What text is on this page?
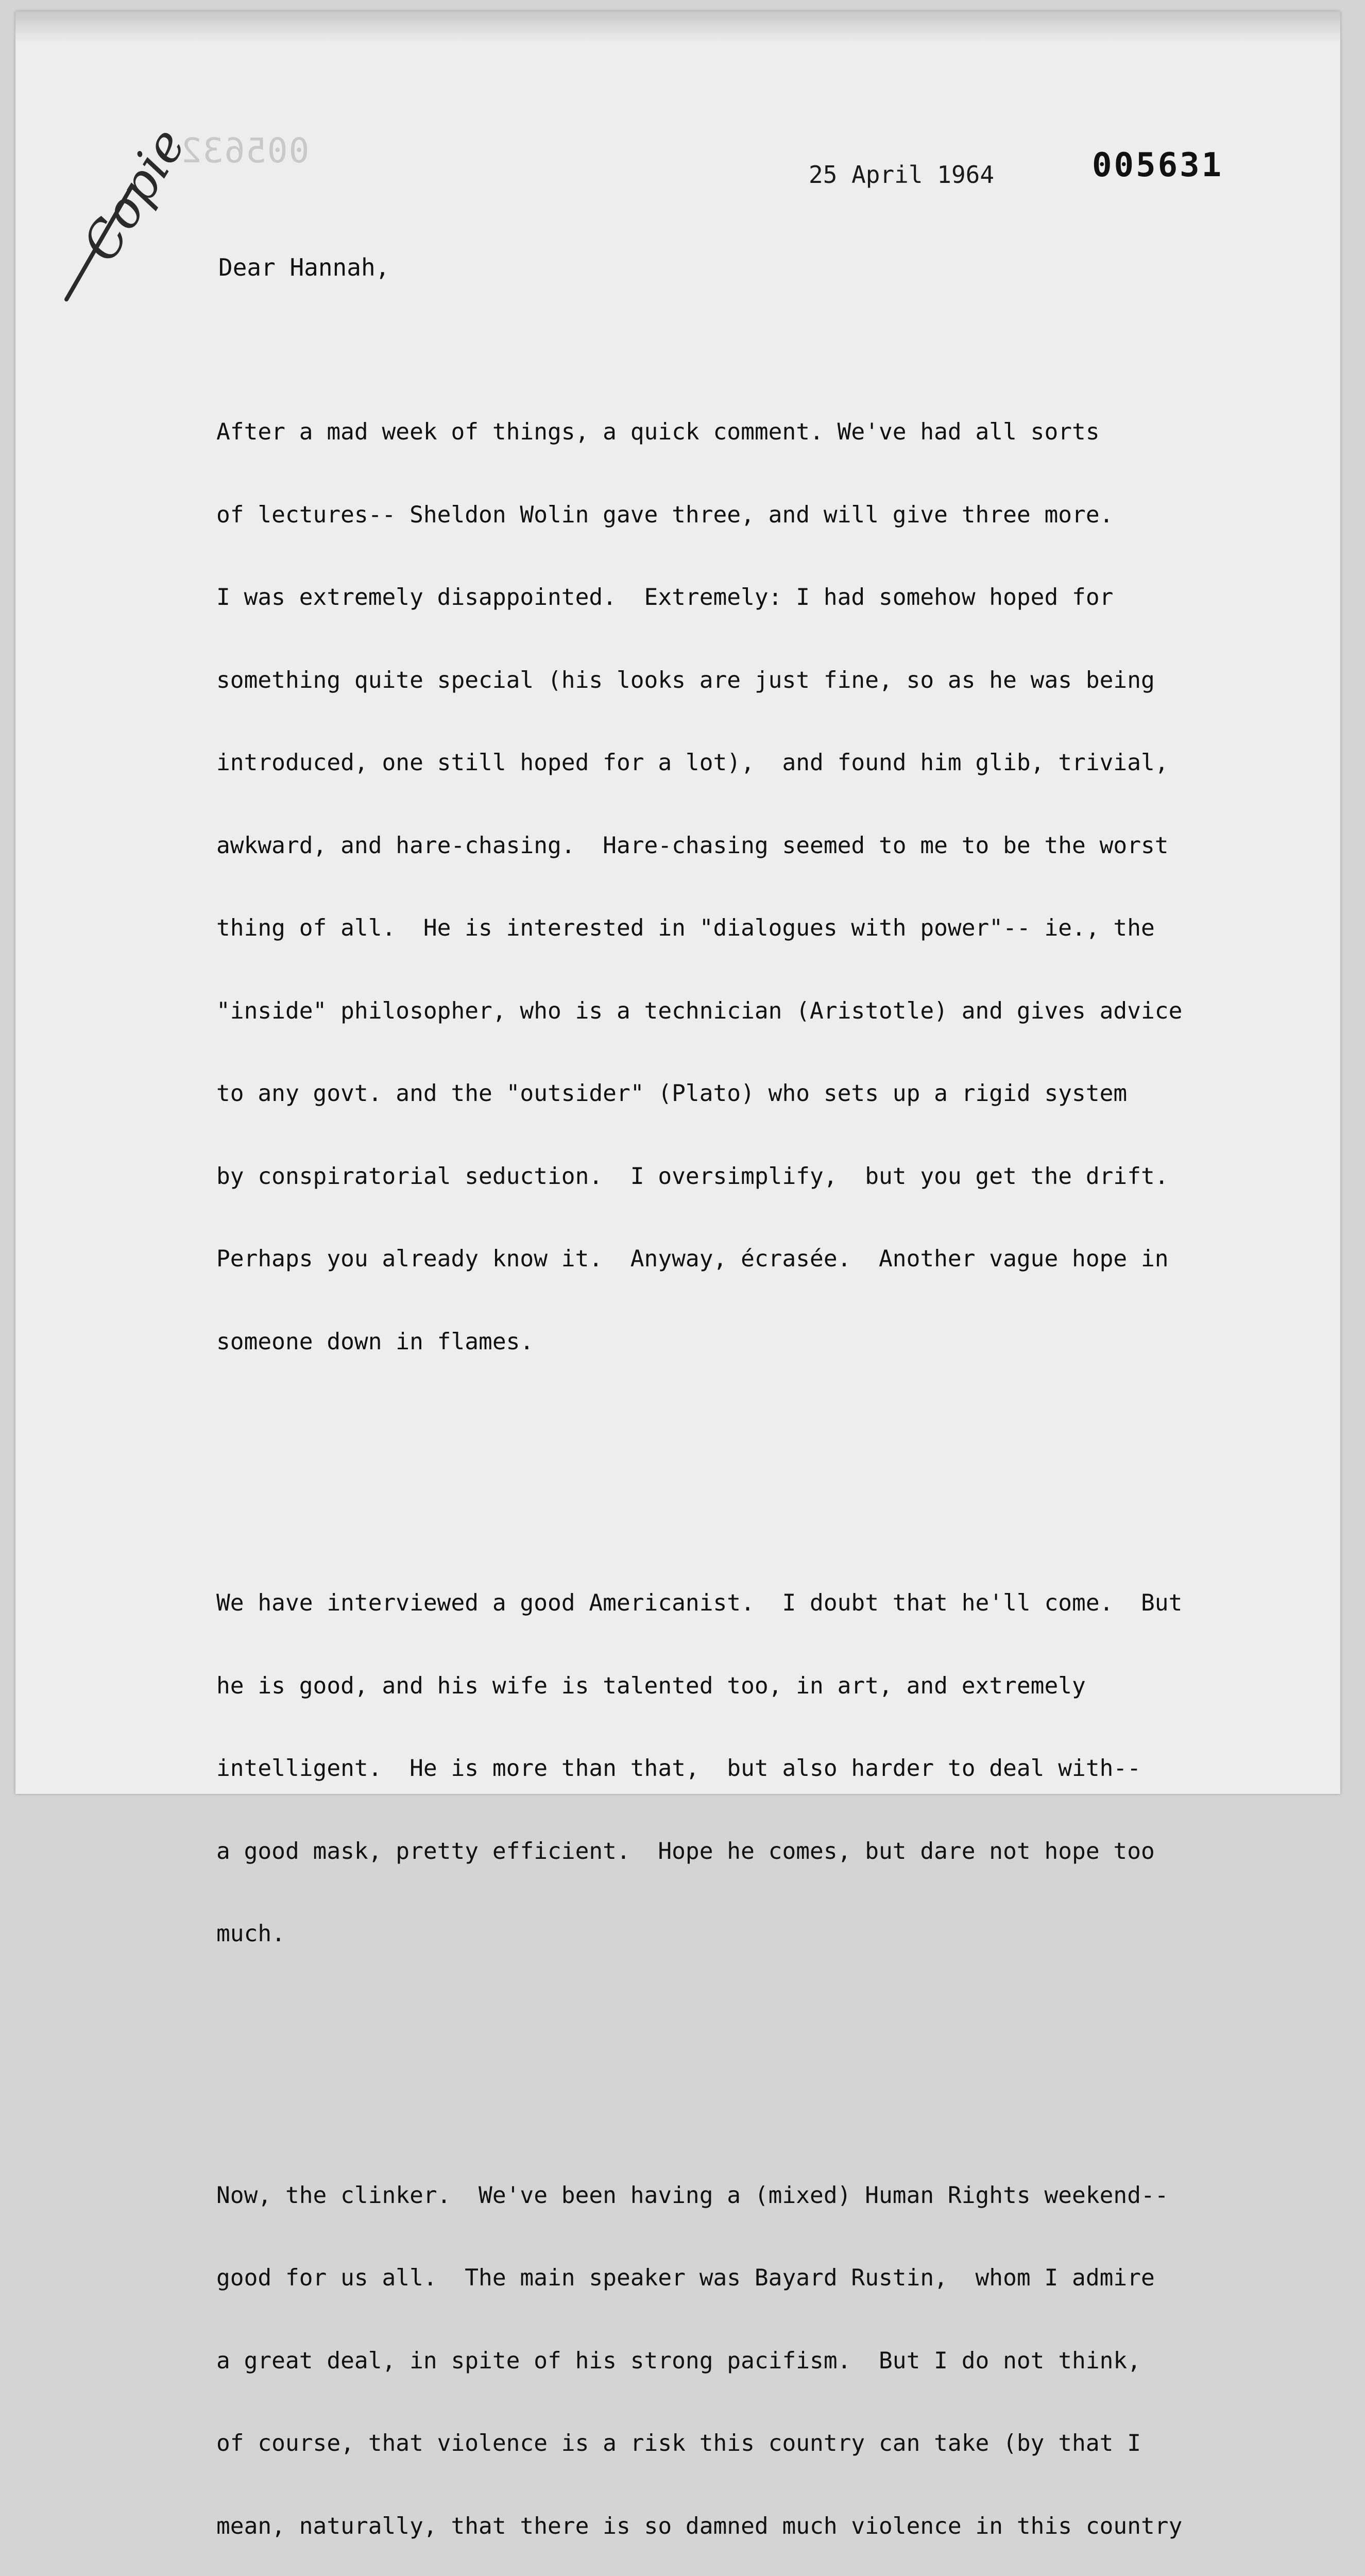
005632
Copie	25 April 1964	005631
Dear Hannah,

After a mad week of things, a quick comment. We've had all sorts

of lectures-- Sheldon Wolin gave three, and will give three more.

I was extremely disappointed.  Extremely: I had somehow hoped for

something quite special (his looks are just fine, so as he was being

introduced, one still hoped for a lot),  and found him glib, trivial,

awkward, and hare-chasing.  Hare-chasing seemed to me to be the worst

thing of all.  He is interested in "dialogues with power"-- ie., the

"inside" philosopher, who is a technician (Aristotle) and gives advice

to any govt. and the "outsider" (Plato) who sets up a rigid system

by conspiratorial seduction.  I oversimplify,  but you get the drift.

Perhaps you already know it.  Anyway, écrasée.  Another vague hope in

someone down in flames.

We have interviewed a good Americanist.  I doubt that he'll come.  But

he is good, and his wife is talented too, in art, and extremely

intelligent.  He is more than that,  but also harder to deal with--

a good mask, pretty efficient.  Hope he comes, but dare not hope too

much.

Now, the clinker.  We've been having a (mixed) Human Rights weekend--

good for us all.  The main speaker was Bayard Rustin,  whom I admire

a great deal, in spite of his strong pacifism.  But I do not think,

of course, that violence is a risk this country can take (by that I

mean, naturally, that there is so damned much violence in this country
